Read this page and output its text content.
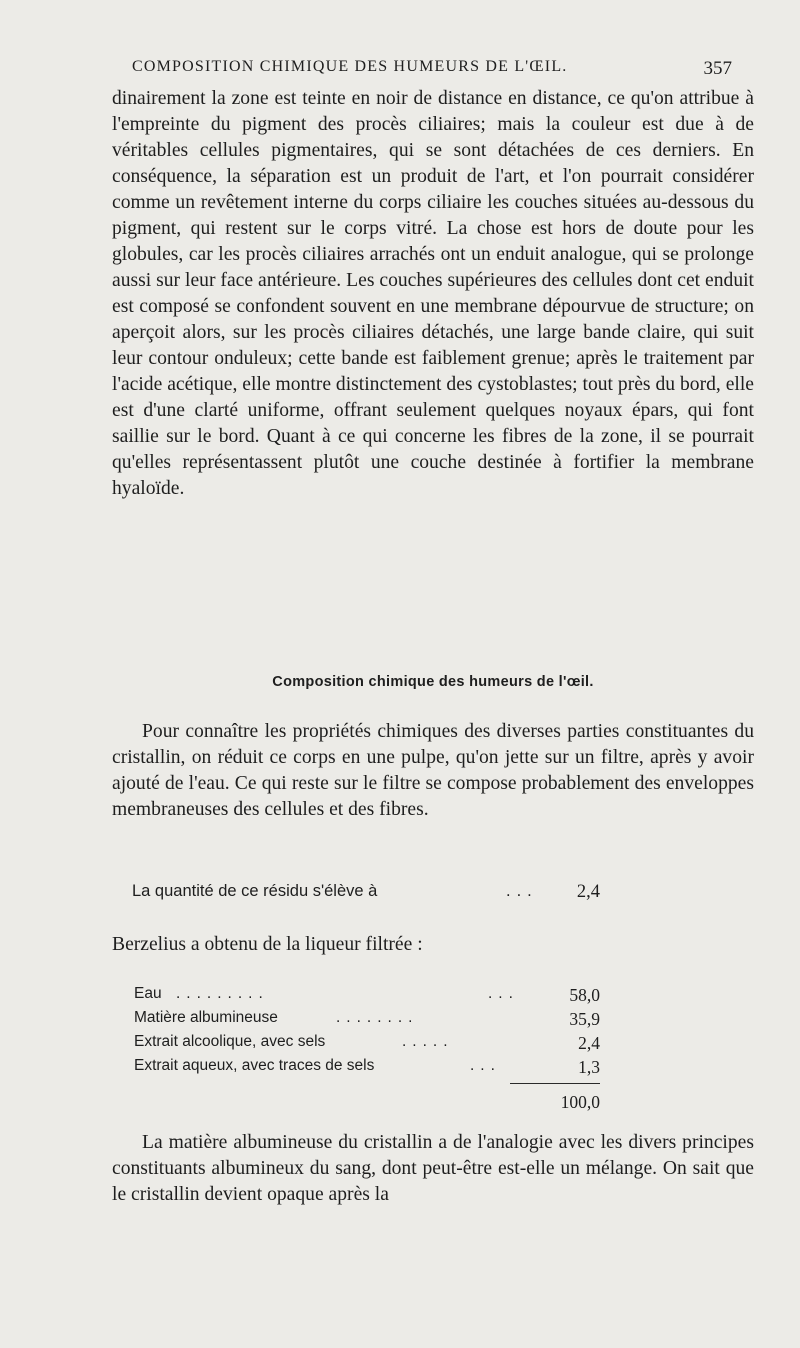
COMPOSITION CHIMIQUE DES HUMEURS DE L'ŒIL.	357

dinairement la zone est teinte en noir de distance en distance, ce qu'on attribue à l'empreinte du pigment des procès ciliaires; mais la couleur est due à de véritables cellules pigmentaires, qui se sont détachées de ces derniers. En conséquence, la séparation est un produit de l'art, et l'on pourrait considérer comme un revêtement interne du corps ciliaire les couches situées au-dessous du pigment, qui restent sur le corps vitré. La chose est hors de doute pour les globules, car les procès ciliaires arrachés ont un enduit analogue, qui se prolonge aussi sur leur face antérieure. Les couches supérieures des cellules dont cet enduit est composé se confondent souvent en une membrane dépourvue de structure; on aperçoit alors, sur les procès ciliaires détachés, une large bande claire, qui suit leur contour onduleux; cette bande est faiblement grenue; après le traitement par l'acide acétique, elle montre distinctement des cystoblastes; tout près du bord, elle est d'une clarté uniforme, offrant seulement quelques noyaux épars, qui font saillie sur le bord. Quant à ce qui concerne les fibres de la zone, il se pourrait qu'elles représentassent plutôt une couche destinée à fortifier la membrane hyaloïde.

Composition chimique des humeurs de l'œil.

Pour connaître les propriétés chimiques des diverses parties constituantes du cristallin, on réduit ce corps en une pulpe, qu'on jette sur un filtre, après y avoir ajouté de l'eau. Ce qui reste sur le filtre se compose probablement des enveloppes membraneuses des cellules et des fibres.

La quantité de ce résidu s'élève à	... 2,4
Berzelius a obtenu de la liqueur filtrée :
Eau .........	...	58,0
Matière albumineuse	........	35,9
Extrait alcoolique, avec sels	.....	2,4
Extrait aqueux, avec traces de sels	...	1,3
100,0

La matière albumineuse du cristallin a de l'analogie avec les divers principes constituants albumineux du sang, dont peut-être est-elle un mélange. On sait que le cristallin devient opaque après la
